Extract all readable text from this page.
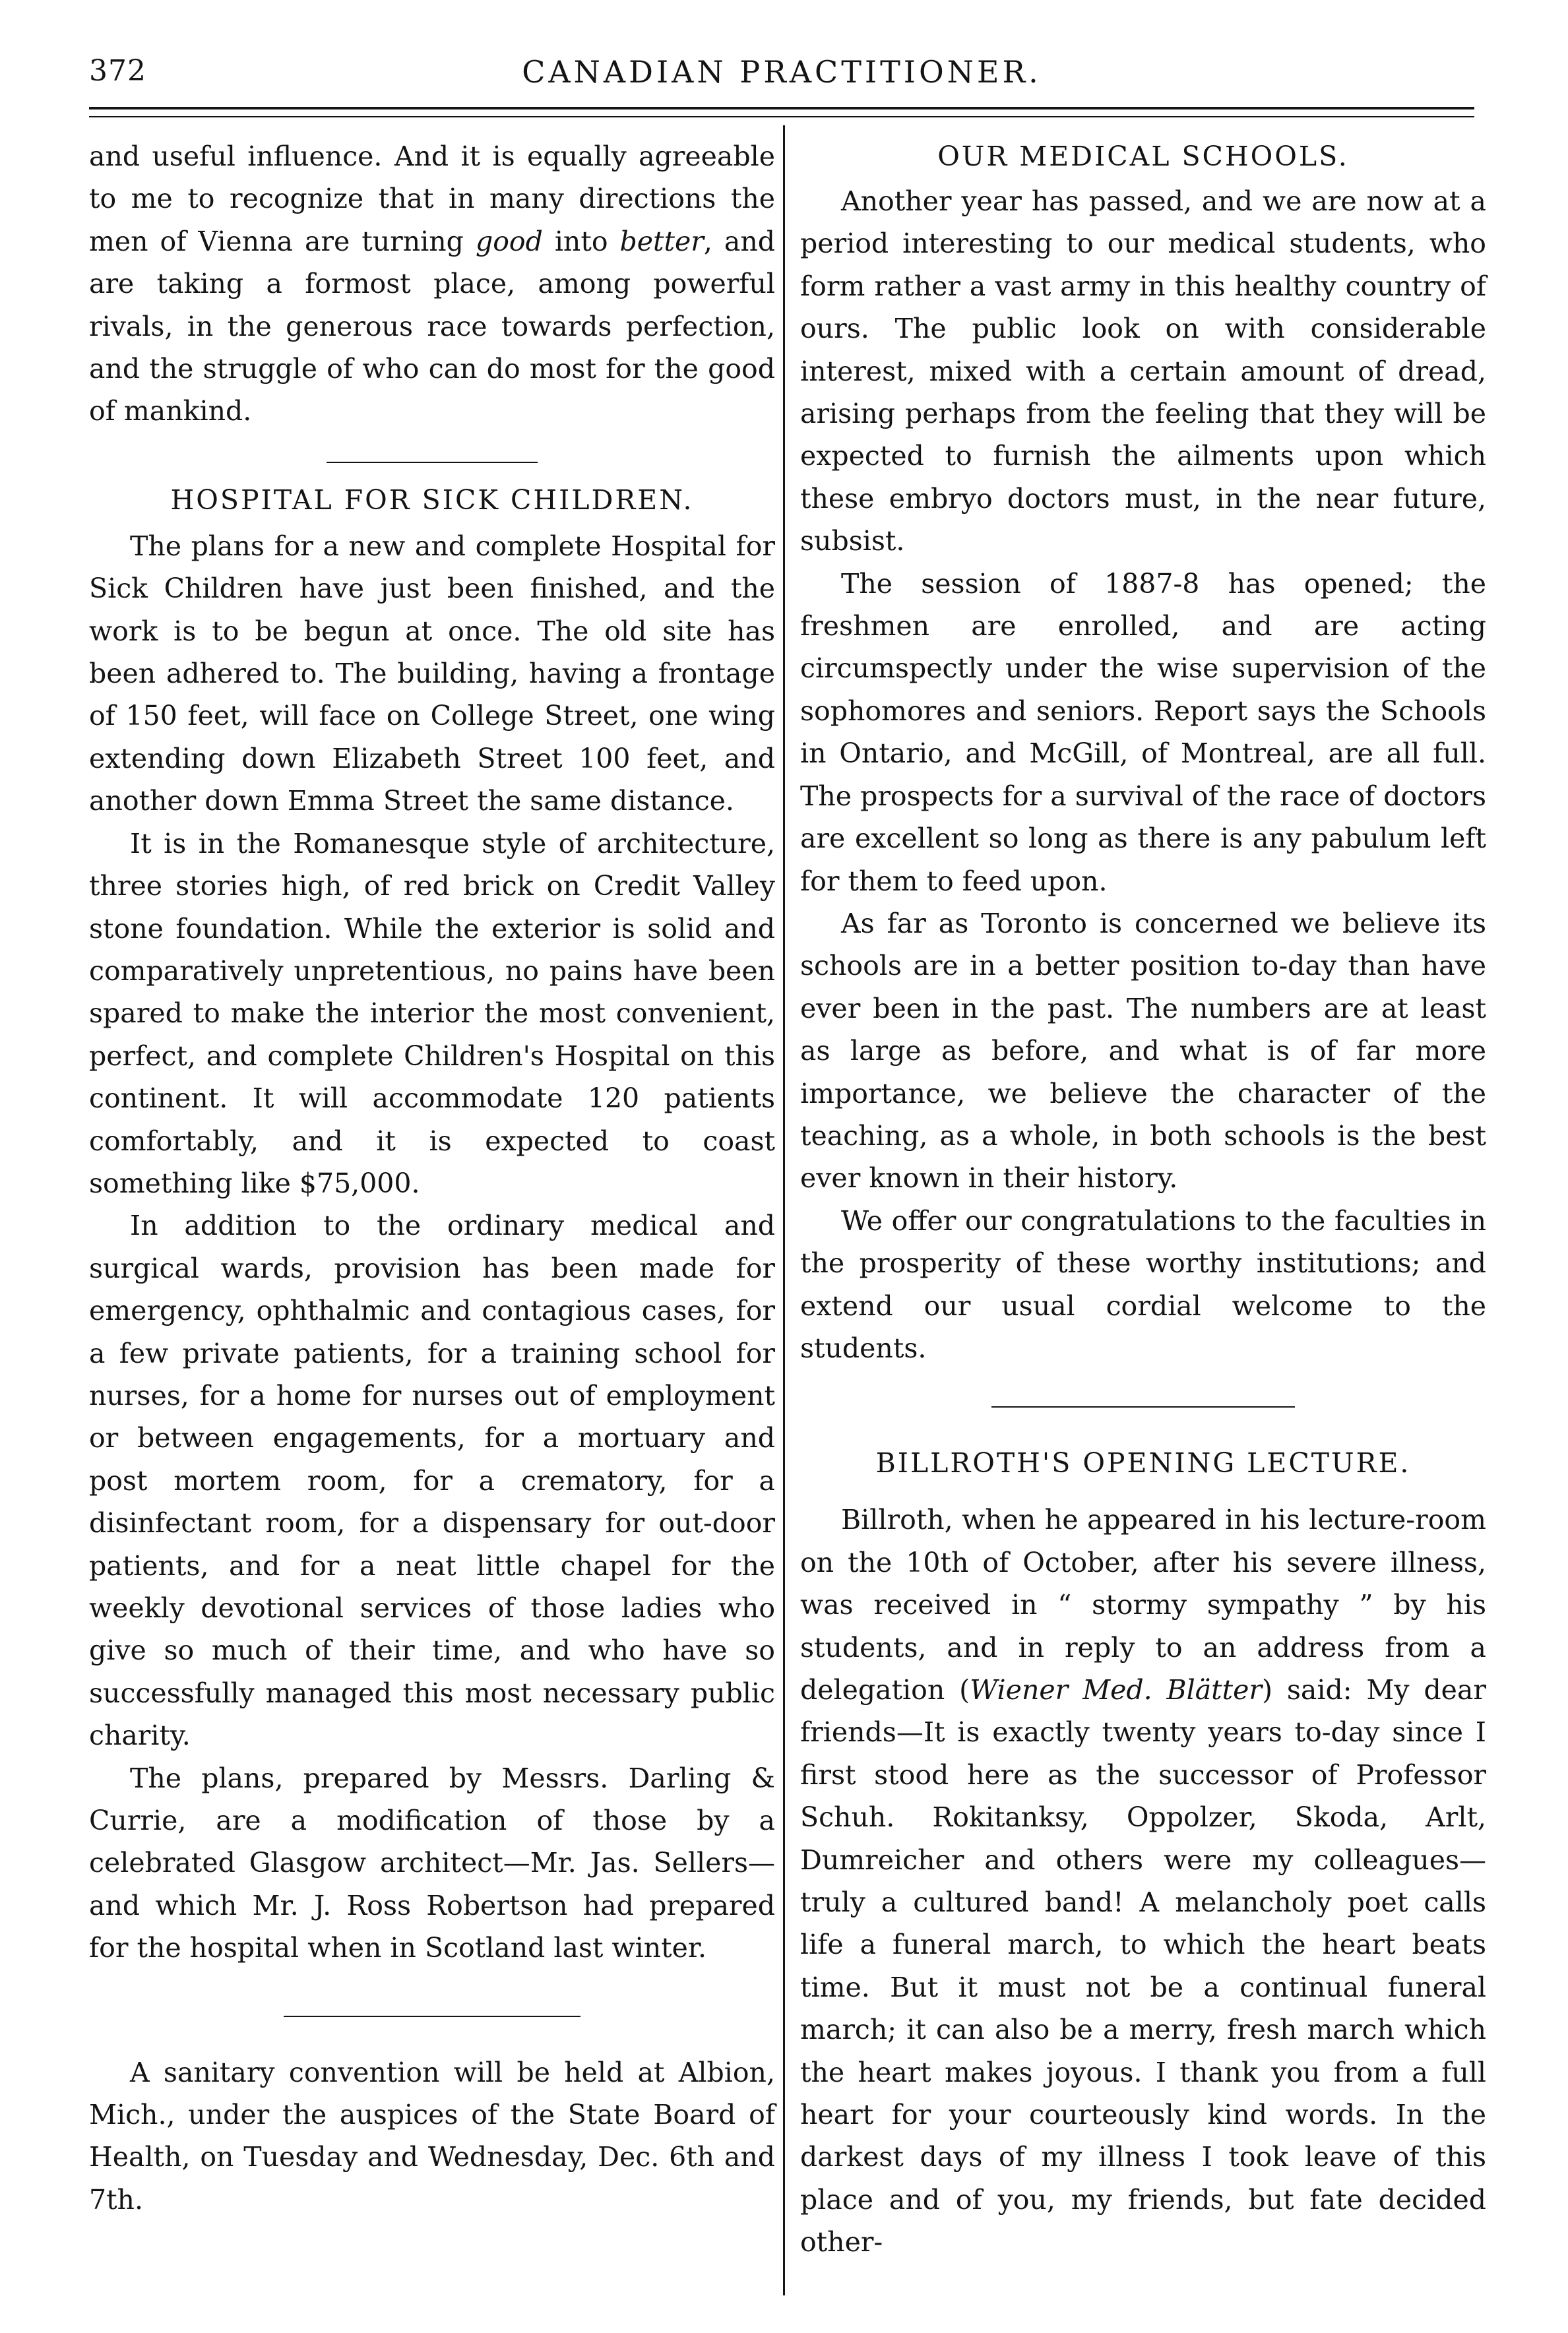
372	CANADIAN PRACTITIONER.

and useful influence. And it is equally agreeable to me to recognize that in many directions the men of Vienna are turning good into better, and are taking a formost place, among powerful rivals, in the generous race towards perfection, and the struggle of who can do most for the good of mankind.

HOSPITAL FOR SICK CHILDREN.

The plans for a new and complete Hospital for Sick Children have just been finished, and the work is to be begun at once. The old site has been adhered to. The building, having a frontage of 150 feet, will face on College Street, one wing extending down Elizabeth Street 100 feet, and another down Emma Street the same distance.

It is in the Romanesque style of architecture, three stories high, of red brick on Credit Valley stone foundation. While the exterior is solid and comparatively unpretentious, no pains have been spared to make the interior the most convenient, perfect, and complete Children's Hospital on this continent. It will accommodate 120 patients comfortably, and it is expected to coast something like $75,000.

In addition to the ordinary medical and surgical wards, provision has been made for emergency, ophthalmic and contagious cases, for a few private patients, for a training school for nurses, for a home for nurses out of employment or between engagements, for a mortuary and post mortem room, for a crematory, for a disinfectant room, for a dispensary for out-door patients, and for a neat little chapel for the weekly devotional services of those ladies who give so much of their time, and who have so successfully managed this most necessary public charity.

The plans, prepared by Messrs. Darling & Currie, are a modification of those by a celebrated Glasgow architect—Mr. Jas. Sellers—and which Mr. J. Ross Robertson had prepared for the hospital when in Scotland last winter.

A sanitary convention will be held at Albion, Mich., under the auspices of the State Board of Health, on Tuesday and Wednesday, Dec. 6th and 7th.

OUR MEDICAL SCHOOLS.

Another year has passed, and we are now at a period interesting to our medical students, who form rather a vast army in this healthy country of ours. The public look on with considerable interest, mixed with a certain amount of dread, arising perhaps from the feeling that they will be expected to furnish the ailments upon which these embryo doctors must, in the near future, subsist.

The session of 1887-8 has opened; the freshmen are enrolled, and are acting circumspectly under the wise supervision of the sophomores and seniors. Report says the Schools in Ontario, and McGill, of Montreal, are all full. The prospects for a survival of the race of doctors are excellent so long as there is any pabulum left for them to feed upon.

As far as Toronto is concerned we believe its schools are in a better position to-day than have ever been in the past. The numbers are at least as large as before, and what is of far more importance, we believe the character of the teaching, as a whole, in both schools is the best ever known in their history.

We offer our congratulations to the faculties in the prosperity of these worthy institutions; and extend our usual cordial welcome to the students.

BILLROTH'S OPENING LECTURE.

Billroth, when he appeared in his lecture-room on the 10th of October, after his severe illness, was received in “ stormy sympathy ” by his students, and in reply to an address from a delegation (Wiener Med. Blätter) said: My dear friends—It is exactly twenty years to-day since I first stood here as the successor of Professor Schuh. Rokitanksy, Oppolzer, Skoda, Arlt, Dumreicher and others were my colleagues—truly a cultured band! A melancholy poet calls life a funeral march, to which the heart beats time. But it must not be a continual funeral march; it can also be a merry, fresh march which the heart makes joyous. I thank you from a full heart for your courteously kind words. In the darkest days of my illness I took leave of this place and of you, my friends, but fate decided other-
